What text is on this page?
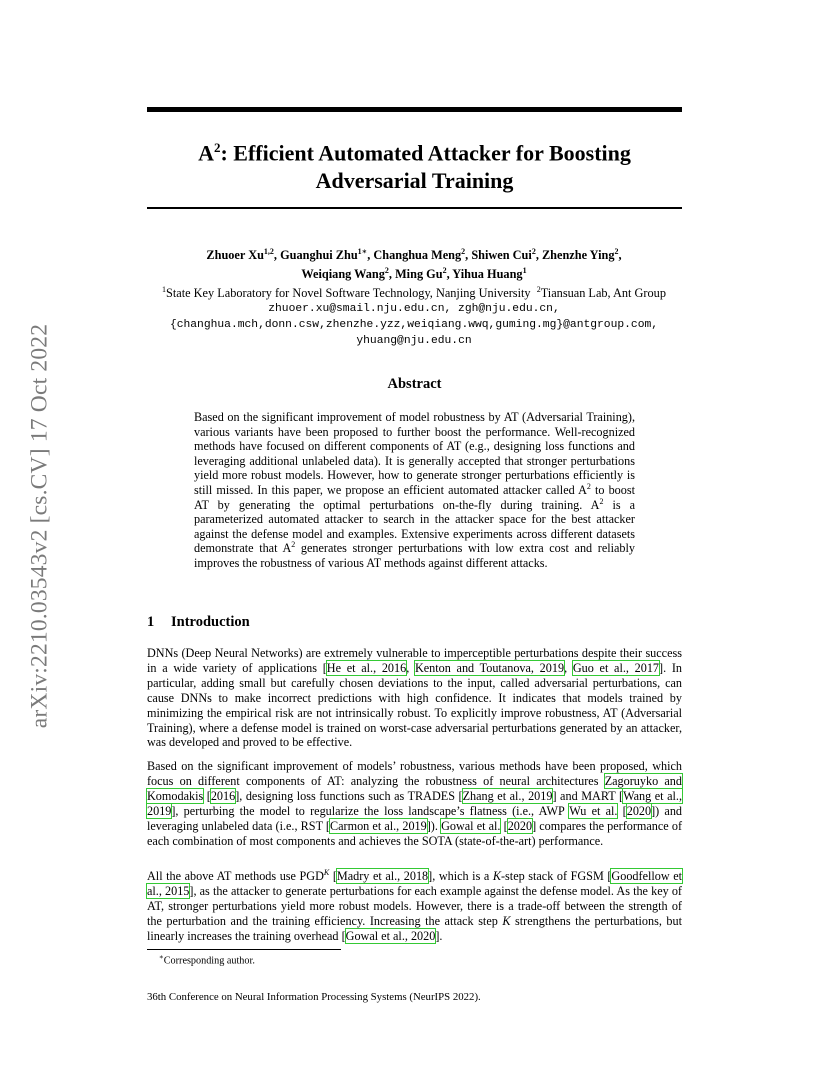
arXiv:2210.03543v2 [cs.CV] 17 Oct 2022
$A^2$: Efficient Automated Attacker for Boosting
Adversarial Training
Zhuoer Xu$^{1,2}$, Guanghui Zhu$^{1∗}$, Changhua Meng$^2$, Shiwen Cui$^2$, Zhenzhe Ying$^2$,
Weiqiang Wang$^2$, Ming Gu$^2$, Yihua Huang$^1$
$^1$State Key Laboratory for Novel Software Technology, Nanjing University $^2$Tiansuan Lab, Ant Group
zhuoer.xu@smail.nju.edu.cn, zgh@nju.edu.cn,
{changhua.mch,donn.csw,zhenzhe.yzz,weiqiang.wwq,guming.mg}@antgroup.com,
yhuang@nju.edu.cn
Abstract
Based on the significant improvement of model robustness by AT (Adversarial Training), various variants have been proposed to further boost the performance. Well-recognized methods have focused on different components of AT (e.g., designing loss functions and leveraging additional unlabeled data). It is generally accepted that stronger perturbations yield more robust models. However, how to generate stronger perturbations efficiently is still missed. In this paper, we propose an efficient automated attacker called $A^2$ to boost AT by generating the optimal perturbations on-the-fly during training. $A^2$ is a parameterized automated attacker to search in the attacker space for the best attacker against the defense model and examples. Extensive experiments across different datasets demonstrate that $A^2$ generates stronger perturbations with low extra cost and reliably improves the robustness of various AT methods against different attacks.
1 Introduction
DNNs (Deep Neural Networks) are extremely vulnerable to imperceptible perturbations despite their success in a wide variety of applications [He et al., 2016, Kenton and Toutanova, 2019, Guo et al., 2017]. In particular, adding small but carefully chosen deviations to the input, called adversarial perturbations, can cause DNNs to make incorrect predictions with high confidence. It indicates that models trained by minimizing the empirical risk are not intrinsically robust. To explicitly improve robustness, AT (Adversarial Training), where a defense model is trained on worst-case adversarial perturbations generated by an attacker, was developed and proved to be effective.
Based on the significant improvement of models’ robustness, various methods have been proposed, which focus on different components of AT: analyzing the robustness of neural architectures Zagoruyko and Komodakis [2016], designing loss functions such as TRADES [Zhang et al., 2019] and MART [Wang et al., 2019], perturbing the model to regularize the loss landscape’s flatness (i.e., AWP Wu et al. [2020]) and leveraging unlabeled data (i.e., RST [Carmon et al., 2019]). Gowal et al. [2020] compares the performance of each combination of most components and achieves the SOTA (state-of-the-art) performance.
All the above AT methods use $PGD^K$ [Madry et al., 2018], which is a K-step stack of FGSM [Goodfellow et al., 2015], as the attacker to generate perturbations for each example against the defense model. As the key of AT, stronger perturbations yield more robust models. However, there is a trade-off between the strength of the perturbation and the training efficiency. Increasing the attack step K strengthens the perturbations, but linearly increases the training overhead [Gowal et al., 2020].
∗Corresponding author.
36th Conference on Neural Information Processing Systems (NeurIPS 2022).
